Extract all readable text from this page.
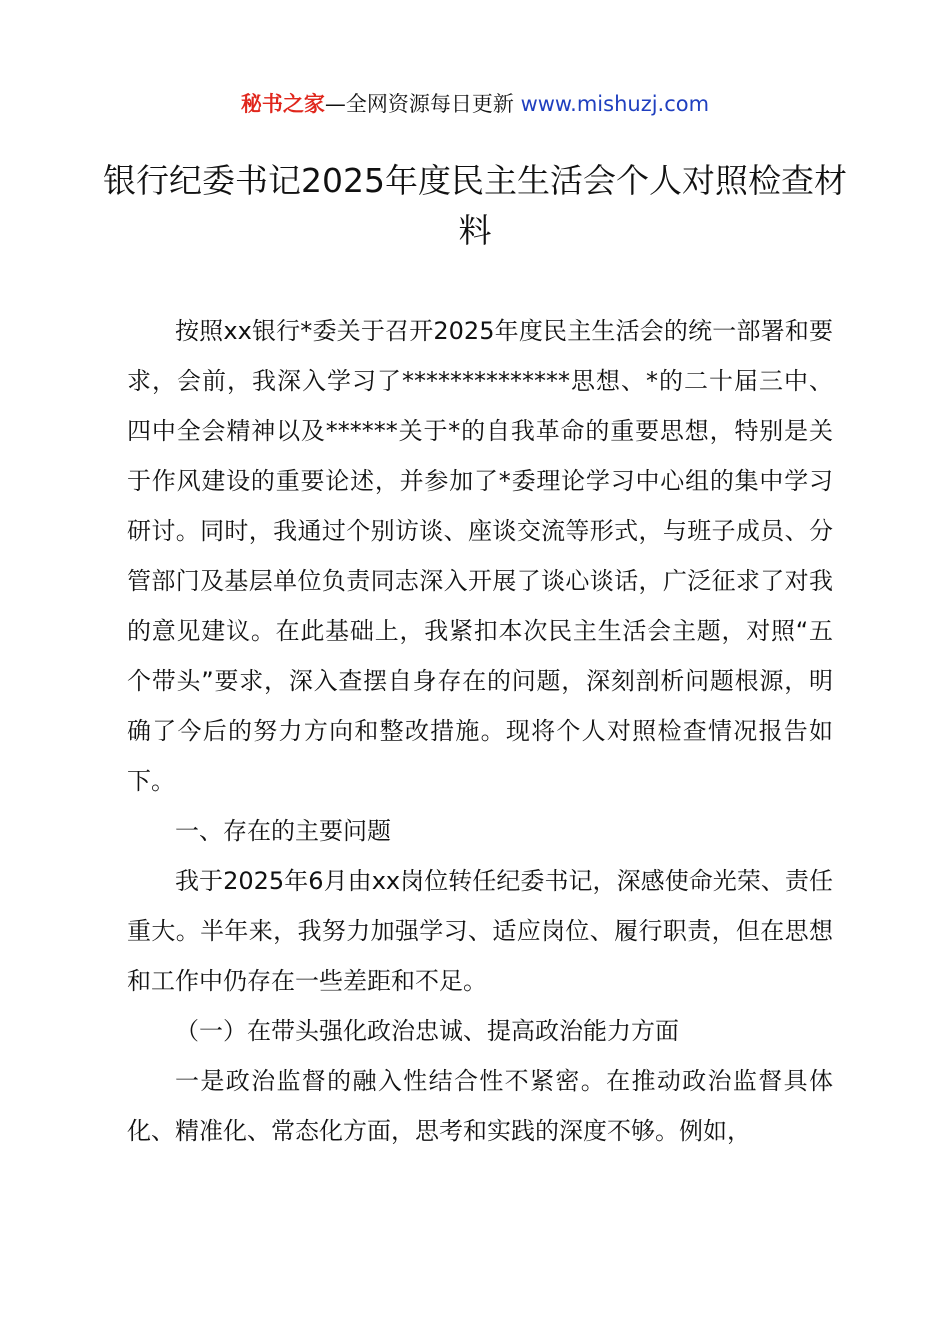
秘书之家—全网资源每日更新 www.mishuzj.com
银行纪委书记2025年度民主生活会个人对照检查材料

按照xx银行*委关于召开2025年度民主生活会的统一部署和要求，会前，我深入学习了**************思想、*的二十届三中、四中全会精神以及******关于*的自我革命的重要思想，特别是关于作风建设的重要论述，并参加了*委理论学习中心组的集中学习研讨。同时，我通过个别访谈、座谈交流等形式，与班子成员、分管部门及基层单位负责同志深入开展了谈心谈话，广泛征求了对我的意见建议。在此基础上，我紧扣本次民主生活会主题，对照“五个带头”要求，深入查摆自身存在的问题，深刻剖析问题根源，明确了今后的努力方向和整改措施。现将个人对照检查情况报告如下。

一、存在的主要问题

我于2025年6月由xx岗位转任纪委书记，深感使命光荣、责任重大。半年来，我努力加强学习、适应岗位、履行职责，但在思想和工作中仍存在一些差距和不足。

（一）在带头强化政治忠诚、提高政治能力方面

一是政治监督的融入性结合性不紧密。在推动政治监督具体化、精准化、常态化方面，思考和实践的深度不够。例如，
